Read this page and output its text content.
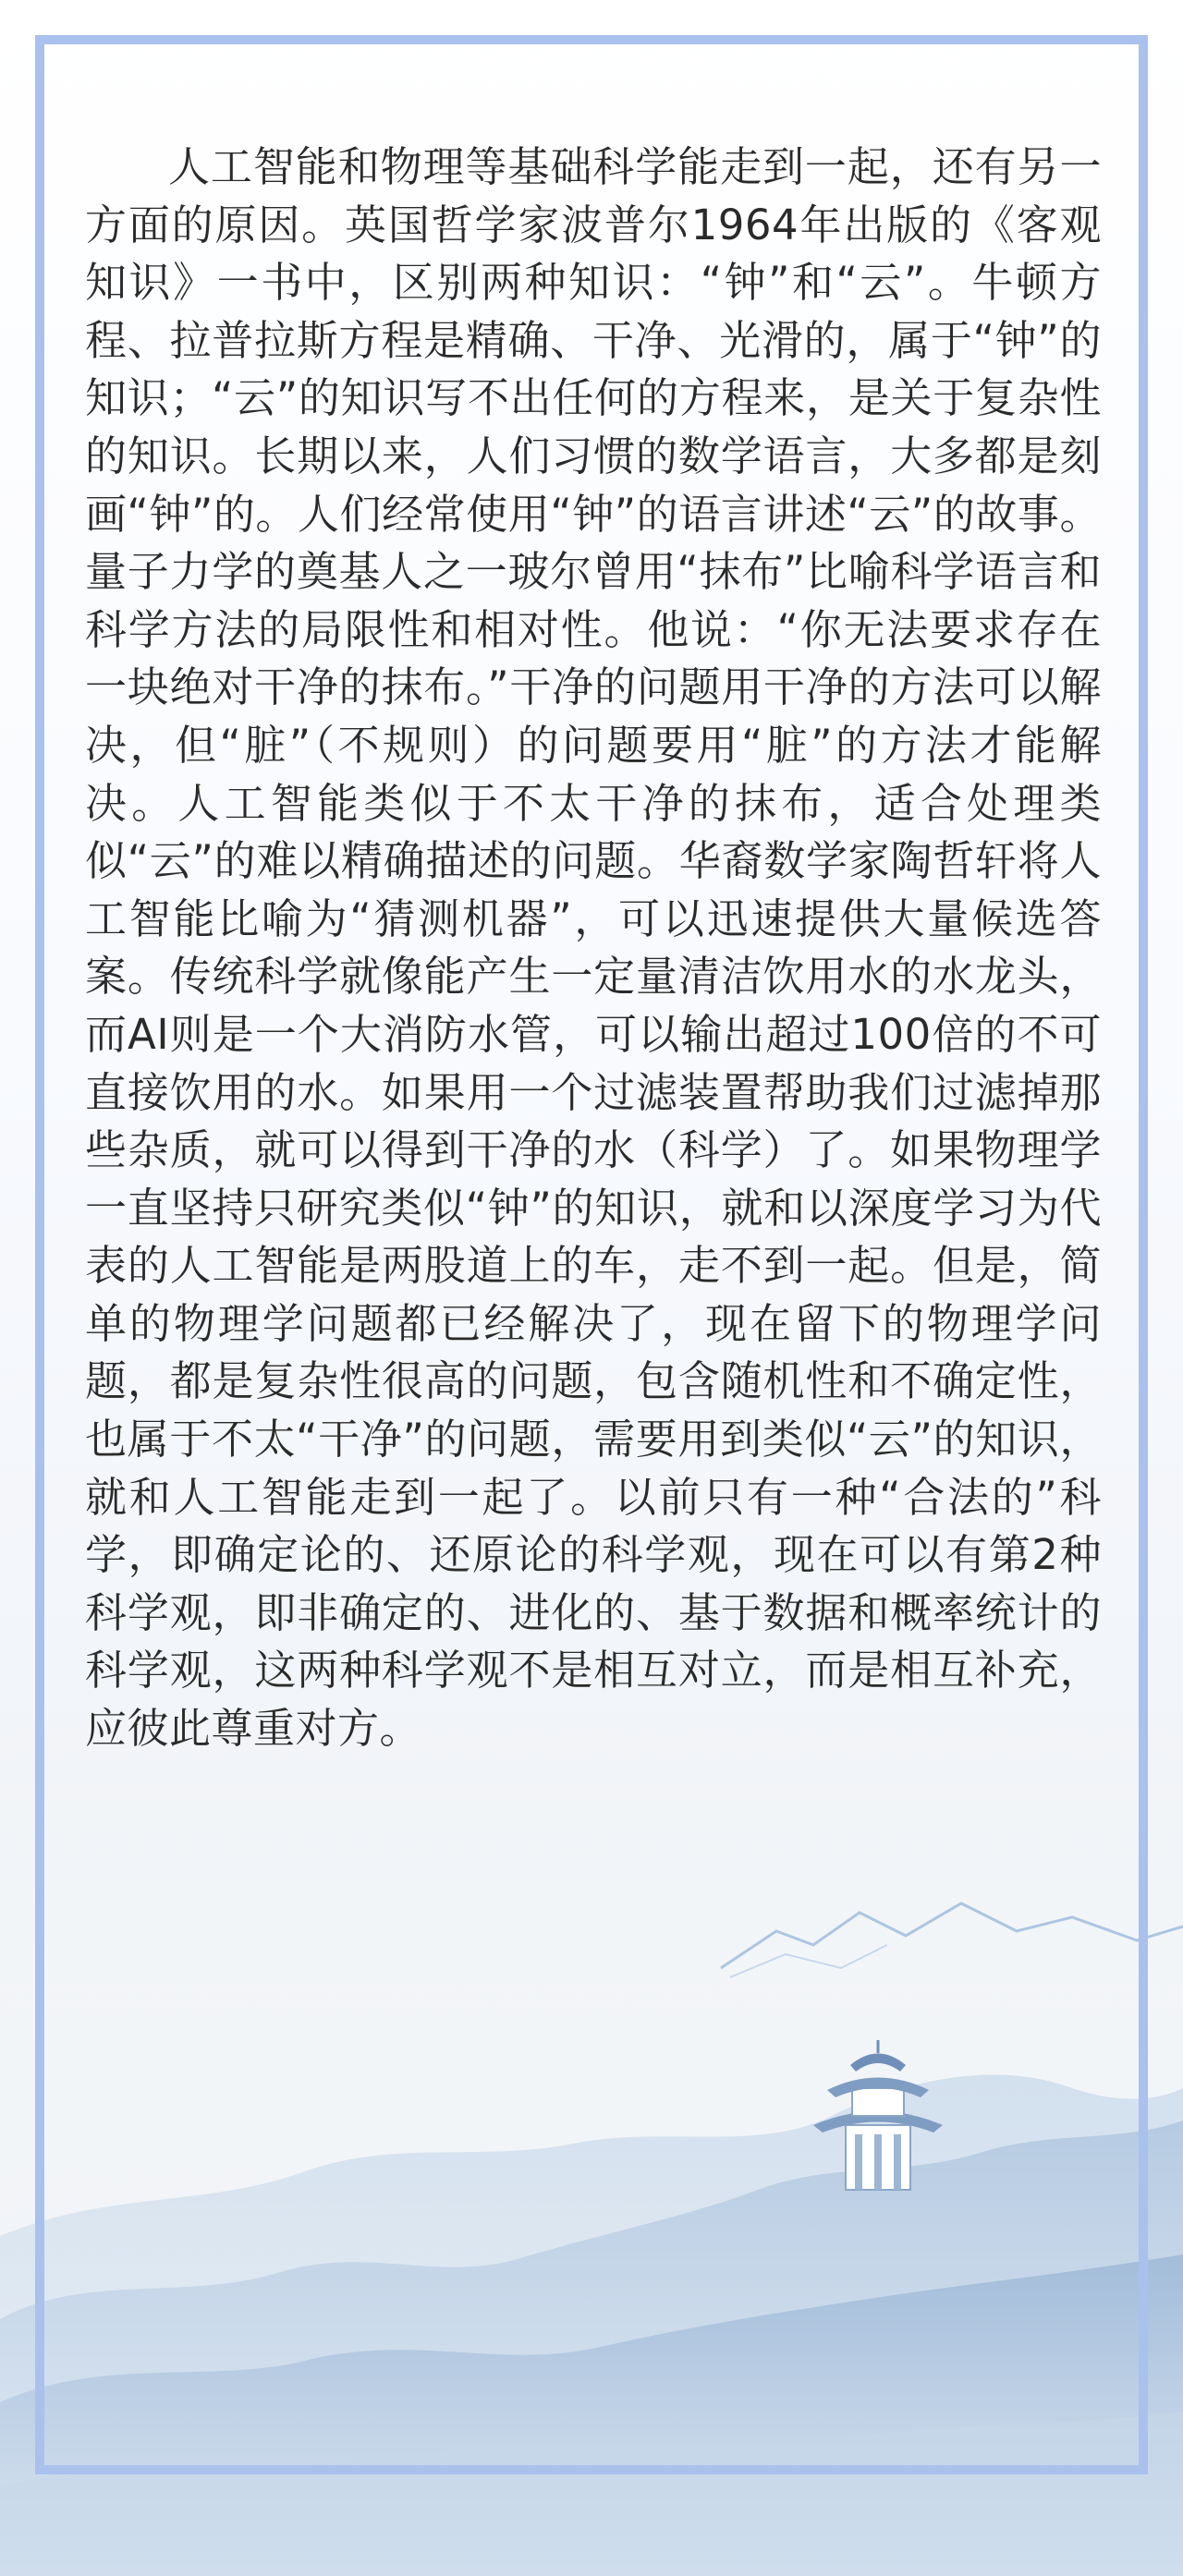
人工智能和物理等基础科学能走到一起，还有另一方面的原因。英国哲学家波普尔1964年出版的《客观知识》一书中，区别两种知识：“钟”和“云”。牛顿方程、拉普拉斯方程是精确、干净、光滑的，属于“钟”的知识；“云”的知识写不出任何的方程来，是关于复杂性的知识。长期以来，人们习惯的数学语言，大多都是刻画“钟”的。人们经常使用“钟”的语言讲述“云”的故事。量子力学的奠基人之一玻尔曾用“抹布”比喻科学语言和科学方法的局限性和相对性。他说：“你无法要求存在一块绝对干净的抹布。”干净的问题用干净的方法可以解决，但“脏”（不规则）的问题要用“脏”的方法才能解决。人工智能类似于不太干净的抹布，适合处理类似“云”的难以精确描述的问题。华裔数学家陶哲轩将人工智能比喻为“猜测机器”，可以迅速提供大量候选答案。传统科学就像能产生一定量清洁饮用水的水龙头，而AI则是一个大消防水管，可以输出超过100倍的不可直接饮用的水。如果用一个过滤装置帮助我们过滤掉那些杂质，就可以得到干净的水（科学）了。如果物理学一直坚持只研究类似“钟”的知识，就和以深度学习为代表的人工智能是两股道上的车，走不到一起。但是，简单的物理学问题都已经解决了，现在留下的物理学问题，都是复杂性很高的问题，包含随机性和不确定性，也属于不太“干净”的问题，需要用到类似“云”的知识，就和人工智能走到一起了。以前只有一种“合法的”科学，即确定论的、还原论的科学观，现在可以有第2种科学观，即非确定的、进化的、基于数据和概率统计的科学观，这两种科学观不是相互对立，而是相互补充，应彼此尊重对方。
